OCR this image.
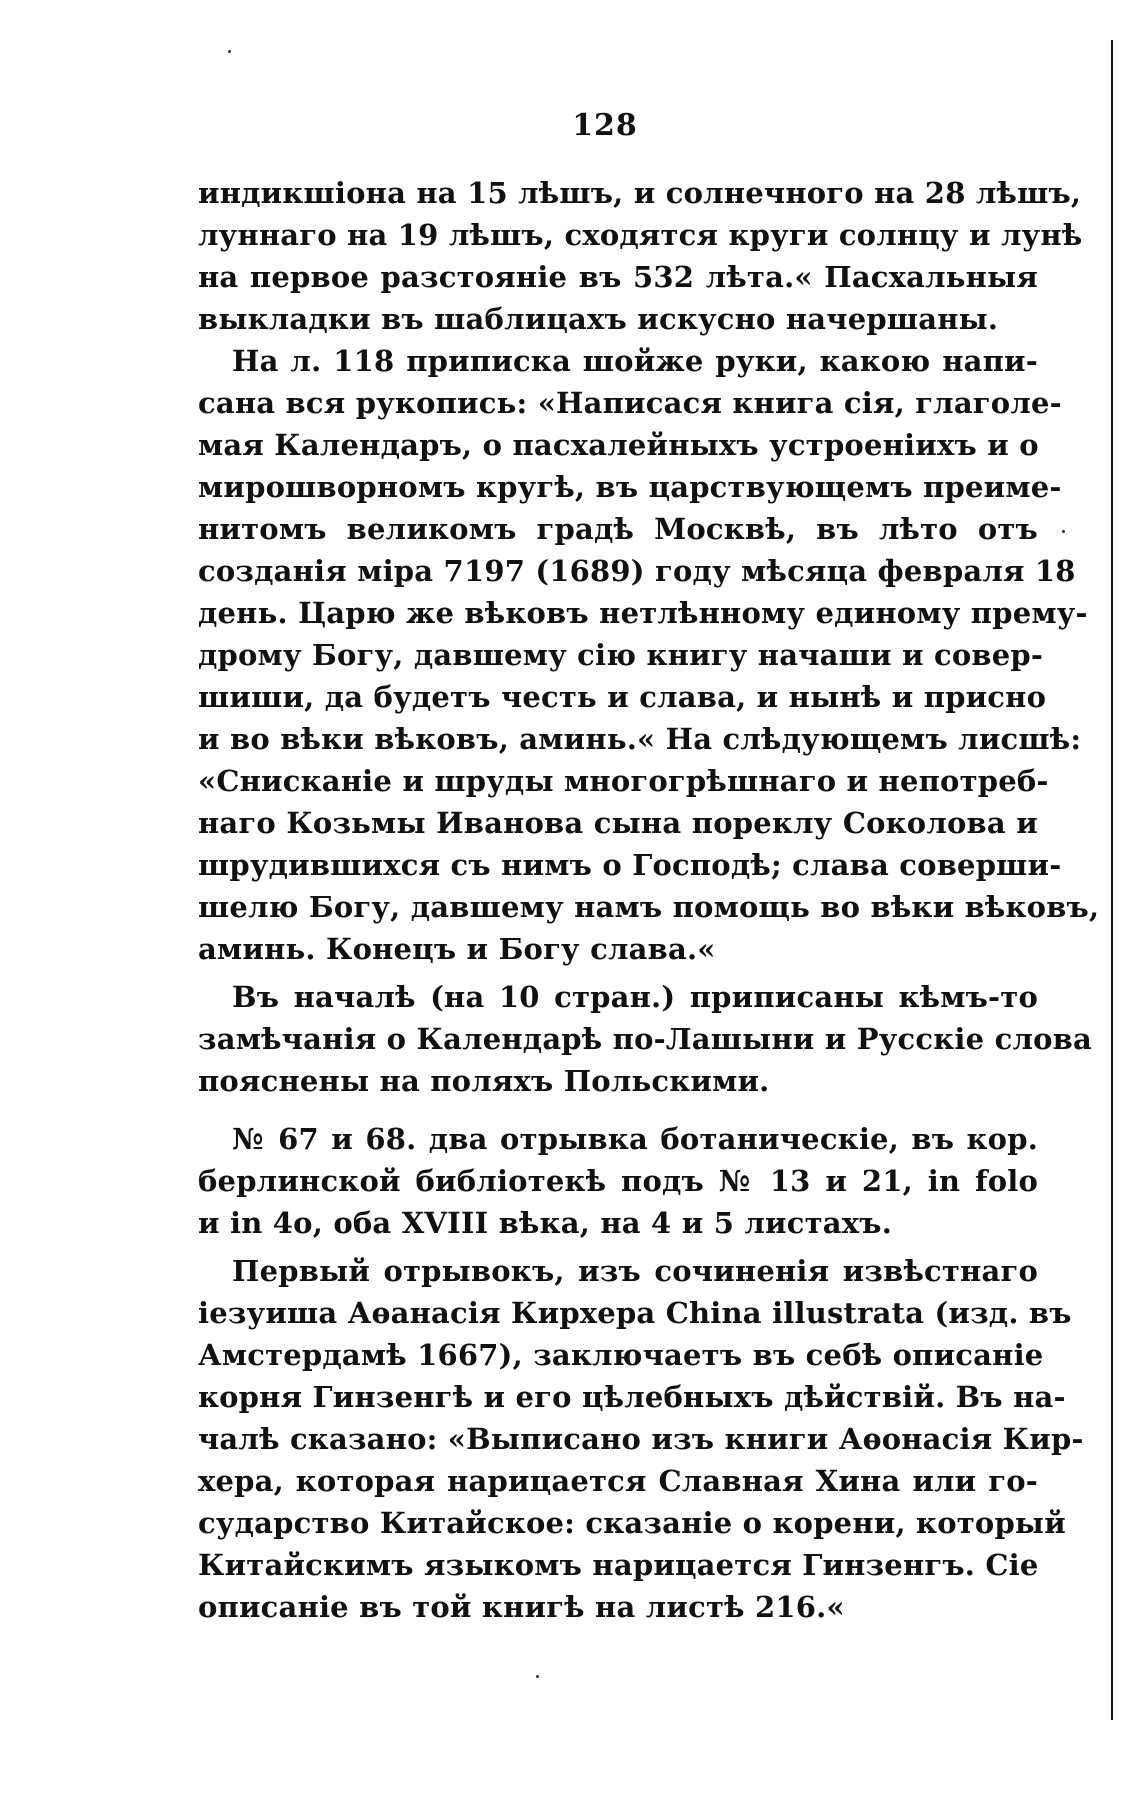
128
индикшіона на 15 лѣшъ, и солнечного на 28 лѣшъ,
луннаго на 19 лѣшъ, сходятся круги солнцу и лунѣ
на первое разстояніе въ 532 лѣта.« Пасхальныя
выкладки въ шаблицахъ искусно начершаны.
На л. 118 приписка шойже руки, какою напи-
сана вся рукопись: «Написася книга сія, глаголе-
мая Календаръ, о пасхалейныхъ устроеніихъ и о
мирошворномъ кругѣ, въ царствующемъ преиме-
нитомъ великомъ градѣ Москвѣ, въ лѣто отъ
созданія міра 7197 (1689) году мѣсяца февраля 18
день. Царю же вѣковъ нетлѣнному единому прему-
дрому Богу, давшему сію книгу начаши и совер-
шиши, да будетъ честь и слава, и нынѣ и присно
и во вѣки вѣковъ, аминь.« На слѣдующемъ лисшѣ:
«Снисканіе и шруды многогрѣшнаго и непотреб-
наго Козьмы Иванова сына пореклу Соколова и
шрудившихся съ нимъ о Господѣ; слава соверши-
шелю Богу, давшему намъ помощь во вѣки вѣковъ,
аминь. Конецъ и Богу слава.«
Въ началѣ (на 10 стран.) приписаны кѣмъ-то
замѣчанія о Календарѣ по-Лашыни и Русскіе слова
пояснены на поляхъ Польскими.
№ 67 и 68. два отрывка ботаническіе, въ кор.
берлинской библіотекѣ подъ № 13 и 21, in folo
и in 4o, оба XVIII вѣка, на 4 и 5 листахъ.
Первый отрывокъ, изъ сочиненія извѣстнаго
іезуиша Аѳанасія Кирхера China illustrata (изд. въ
Амстердамѣ 1667), заключаетъ въ себѣ описаніе
корня Гинзенгѣ и его цѣлебныхъ дѣйствій. Въ на-
чалѣ сказано: «Выписано изъ книги Аѳонасія Кир-
хера, которая нарицается Славная Хина или го-
сударство Китайское: сказаніе о корени, который
Китайскимъ языкомъ нарицается Гинзенгъ. Сіе
описаніе въ той книгѣ на листѣ 216.«
